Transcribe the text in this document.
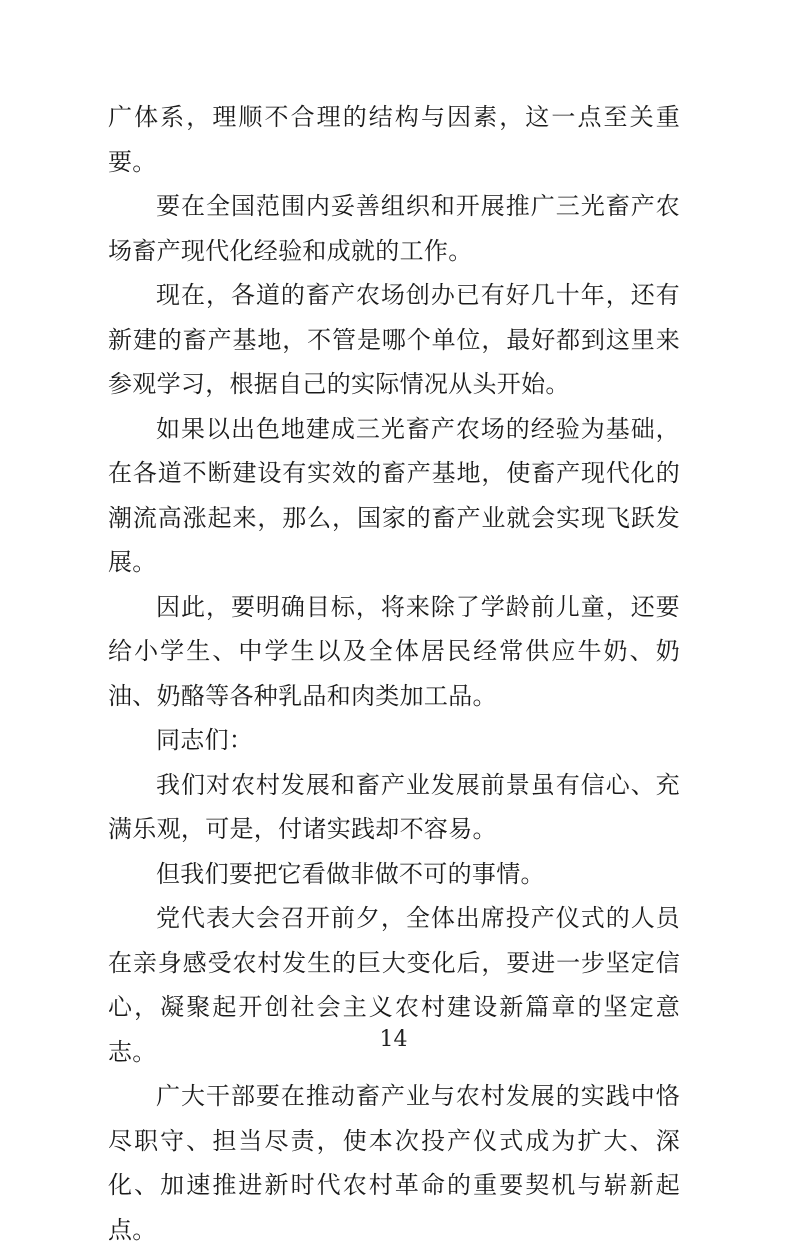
广体系，理顺不合理的结构与因素，这一点至关重要。

要在全国范围内妥善组织和开展推广三光畜产农场畜产现代化经验和成就的工作。

现在，各道的畜产农场创办已有好几十年，还有新建的畜产基地，不管是哪个单位，最好都到这里来参观学习，根据自己的实际情况从头开始。

如果以出色地建成三光畜产农场的经验为基础，在各道不断建设有实效的畜产基地，使畜产现代化的潮流高涨起来，那么，国家的畜产业就会实现飞跃发展。

因此，要明确目标，将来除了学龄前儿童，还要给小学生、中学生以及全体居民经常供应牛奶、奶油、奶酪等各种乳品和肉类加工品。

同志们：

我们对农村发展和畜产业发展前景虽有信心、充满乐观，可是，付诸实践却不容易。

但我们要把它看做非做不可的事情。

党代表大会召开前夕，全体出席投产仪式的人员在亲身感受农村发生的巨大变化后，要进一步坚定信心，凝聚起开创社会主义农村建设新篇章的坚定意志。

广大干部要在推动畜产业与农村发展的实践中恪尽职守、担当尽责，使本次投产仪式成为扩大、深化、加速推进新时代农村革命的重要契机与崭新起点。

14
